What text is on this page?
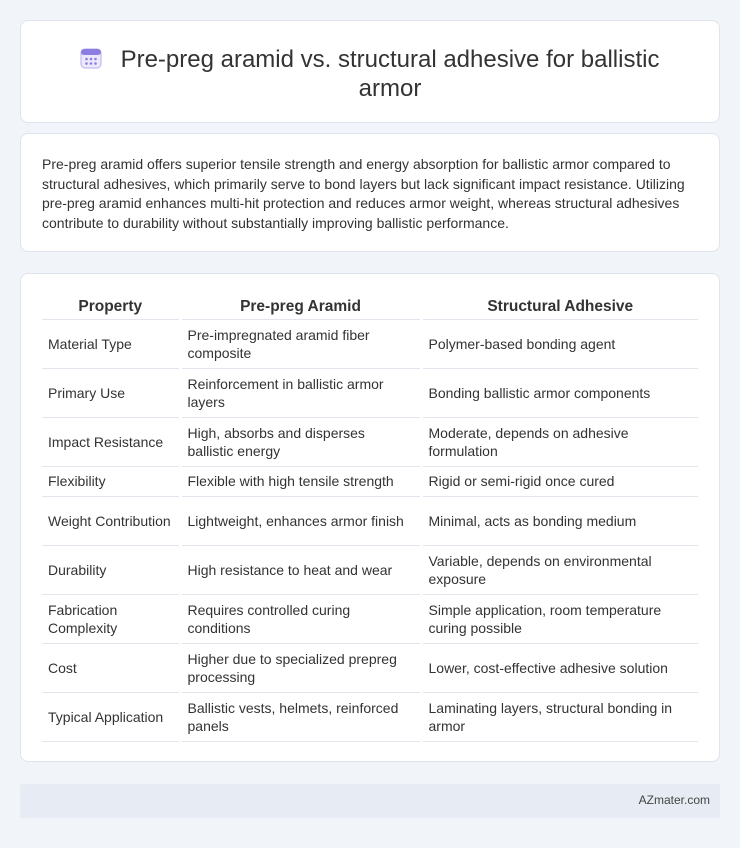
Pre-preg aramid vs. structural adhesive for ballistic armor

Pre-preg aramid offers superior tensile strength and energy absorption for ballistic armor compared to structural adhesives, which primarily serve to bond layers but lack significant impact resistance. Utilizing pre-preg aramid enhances multi-hit protection and reduces armor weight, whereas structural adhesives contribute to durability without substantially improving ballistic performance.

Property	Pre-preg Aramid	Structural Adhesive
Material Type	Pre-impregnated aramid fiber composite	Polymer-based bonding agent
Primary Use	Reinforcement in ballistic armor layers	Bonding ballistic armor components
Impact Resistance	High, absorbs and disperses ballistic energy	Moderate, depends on adhesive formulation
Flexibility	Flexible with high tensile strength	Rigid or semi-rigid once cured
Weight Contribution	Lightweight, enhances armor finish	Minimal, acts as bonding medium
Durability	High resistance to heat and wear	Variable, depends on environmental exposure
Fabrication Complexity	Requires controlled curing conditions	Simple application, room temperature curing possible
Cost	Higher due to specialized prepreg processing	Lower, cost-effective adhesive solution
Typical Application	Ballistic vests, helmets, reinforced panels	Laminating layers, structural bonding in armor
AZmater.com
